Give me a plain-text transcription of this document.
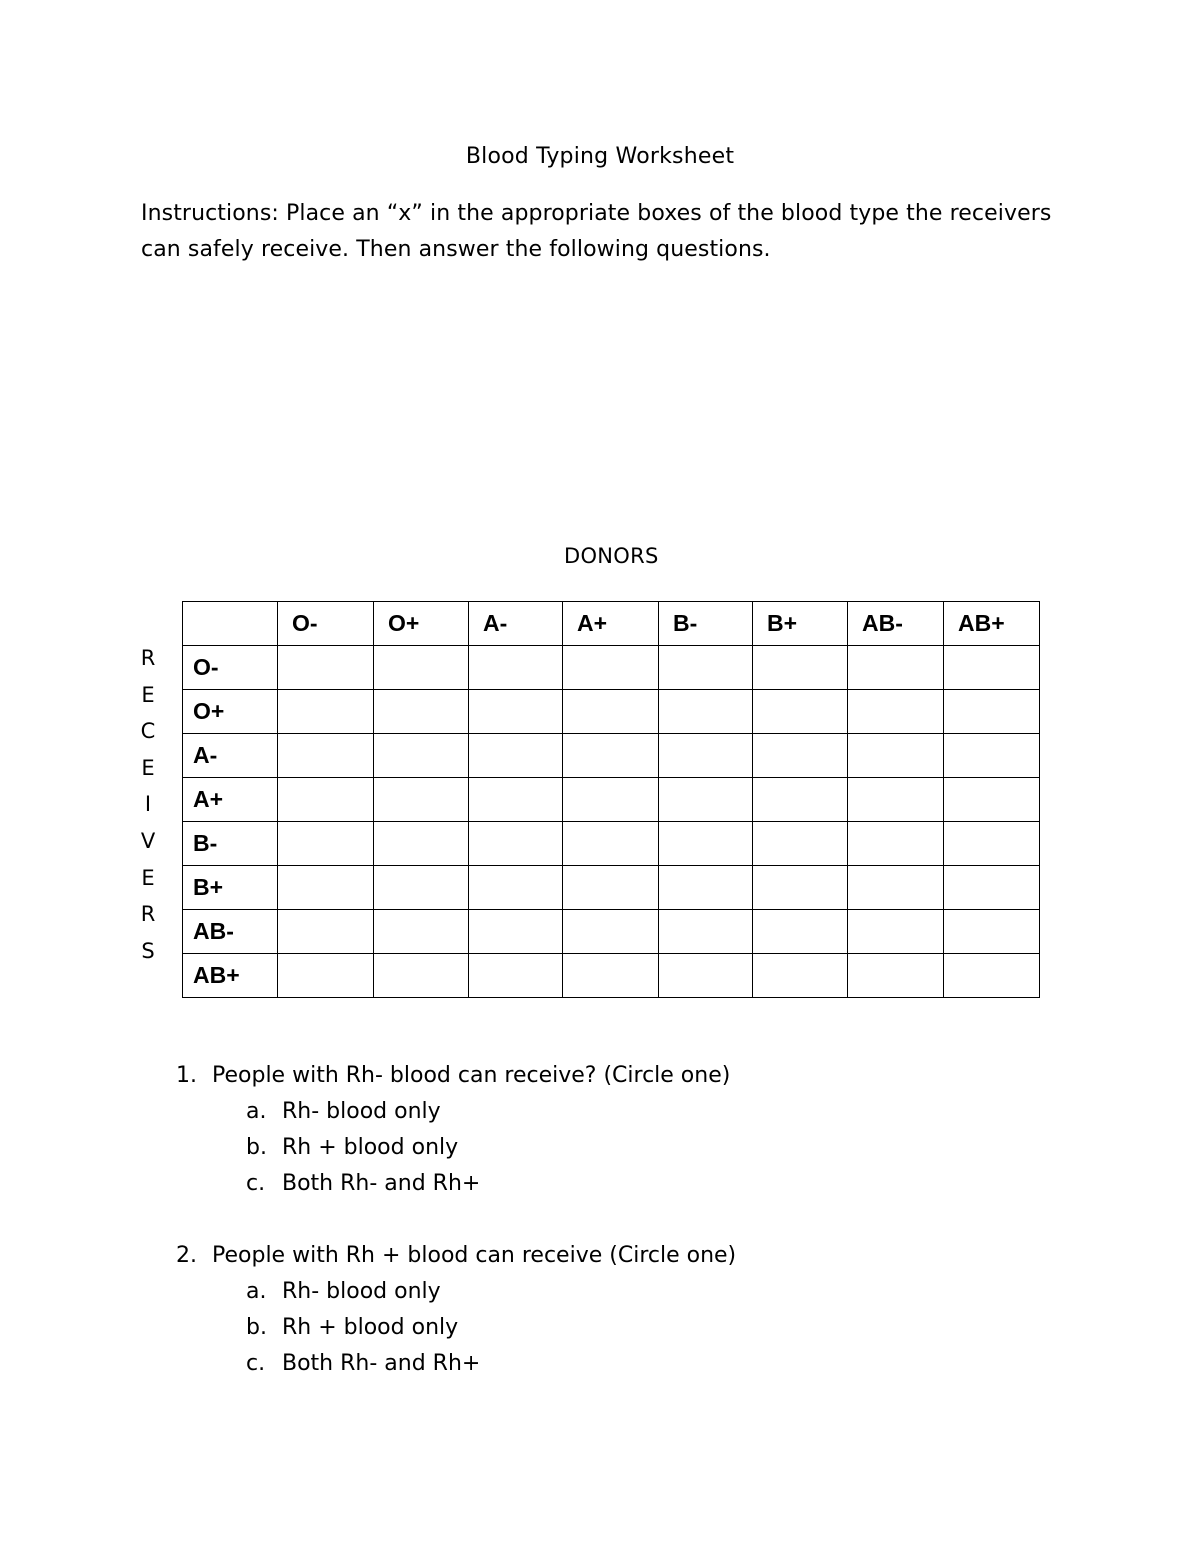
Blood Typing Worksheet
Instructions: Place an “x” in the appropriate boxes of the blood type the receivers can safely receive. Then answer the following questions.
DONORS
R
E
C
E
I
V
E
R
S
	O-	O+	A-	A+	B-	B+	AB-	AB+
O-								
O+								
A-								
A+								
B-								
B+								
AB-								
AB+								
1. People with Rh- blood can receive? (Circle one)
a. Rh- blood only
b. Rh + blood only
c. Both Rh- and Rh+
2. People with Rh + blood can receive (Circle one)
a. Rh- blood only
b. Rh + blood only
c. Both Rh- and Rh+
